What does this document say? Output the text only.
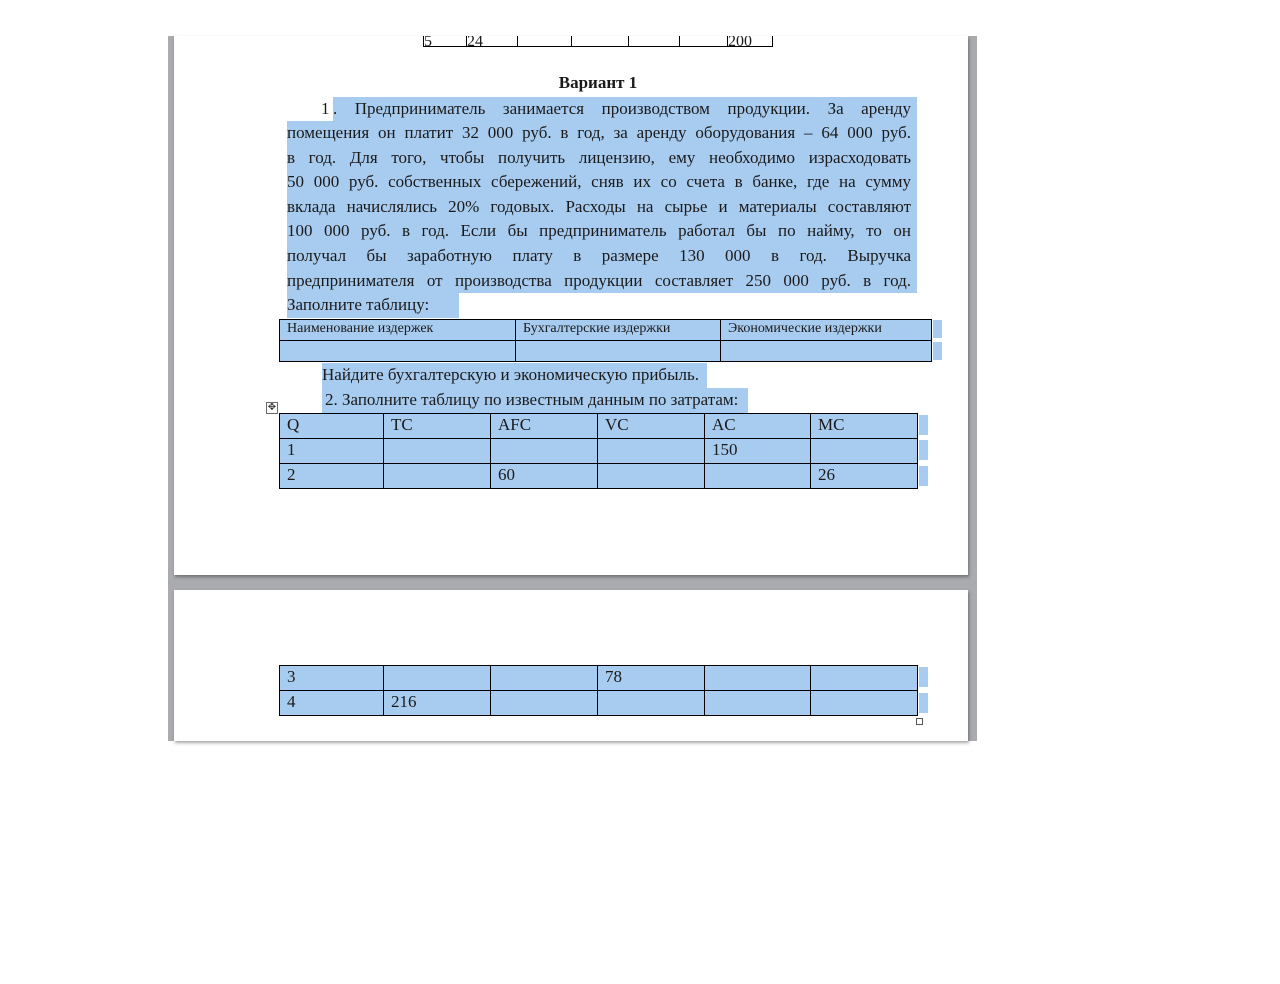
5	24					200
Вариант 1
1 . Предприниматель занимается производством продукции. За аренду
помещения он платит 32 000 руб. в год, за аренду оборудования – 64 000 руб.
в год. Для того, чтобы получить лицензию, ему необходимо израсходовать
50 000 руб. собственных сбережений, сняв их со счета в банке, где на сумму
вклада начислялись 20% годовых. Расходы на сырье и материалы составляют
100 000 руб. в год. Если бы предприниматель работал бы по найму, то он
получал бы заработную плату в размере 130 000 в год. Выручка
предпринимателя от производства продукции составляет 250 000 руб. в год.
Заполните таблицу:
Наименование издержек	Бухгалтерские издержки	Экономические издержки

Найдите бухгалтерскую и экономическую прибыль.
2. Заполните таблицу по известным данным по затратам:
✥
Q	TC	AFC	VC	AC	MC
1				150	
2		60			26
3			78		
4	216				
